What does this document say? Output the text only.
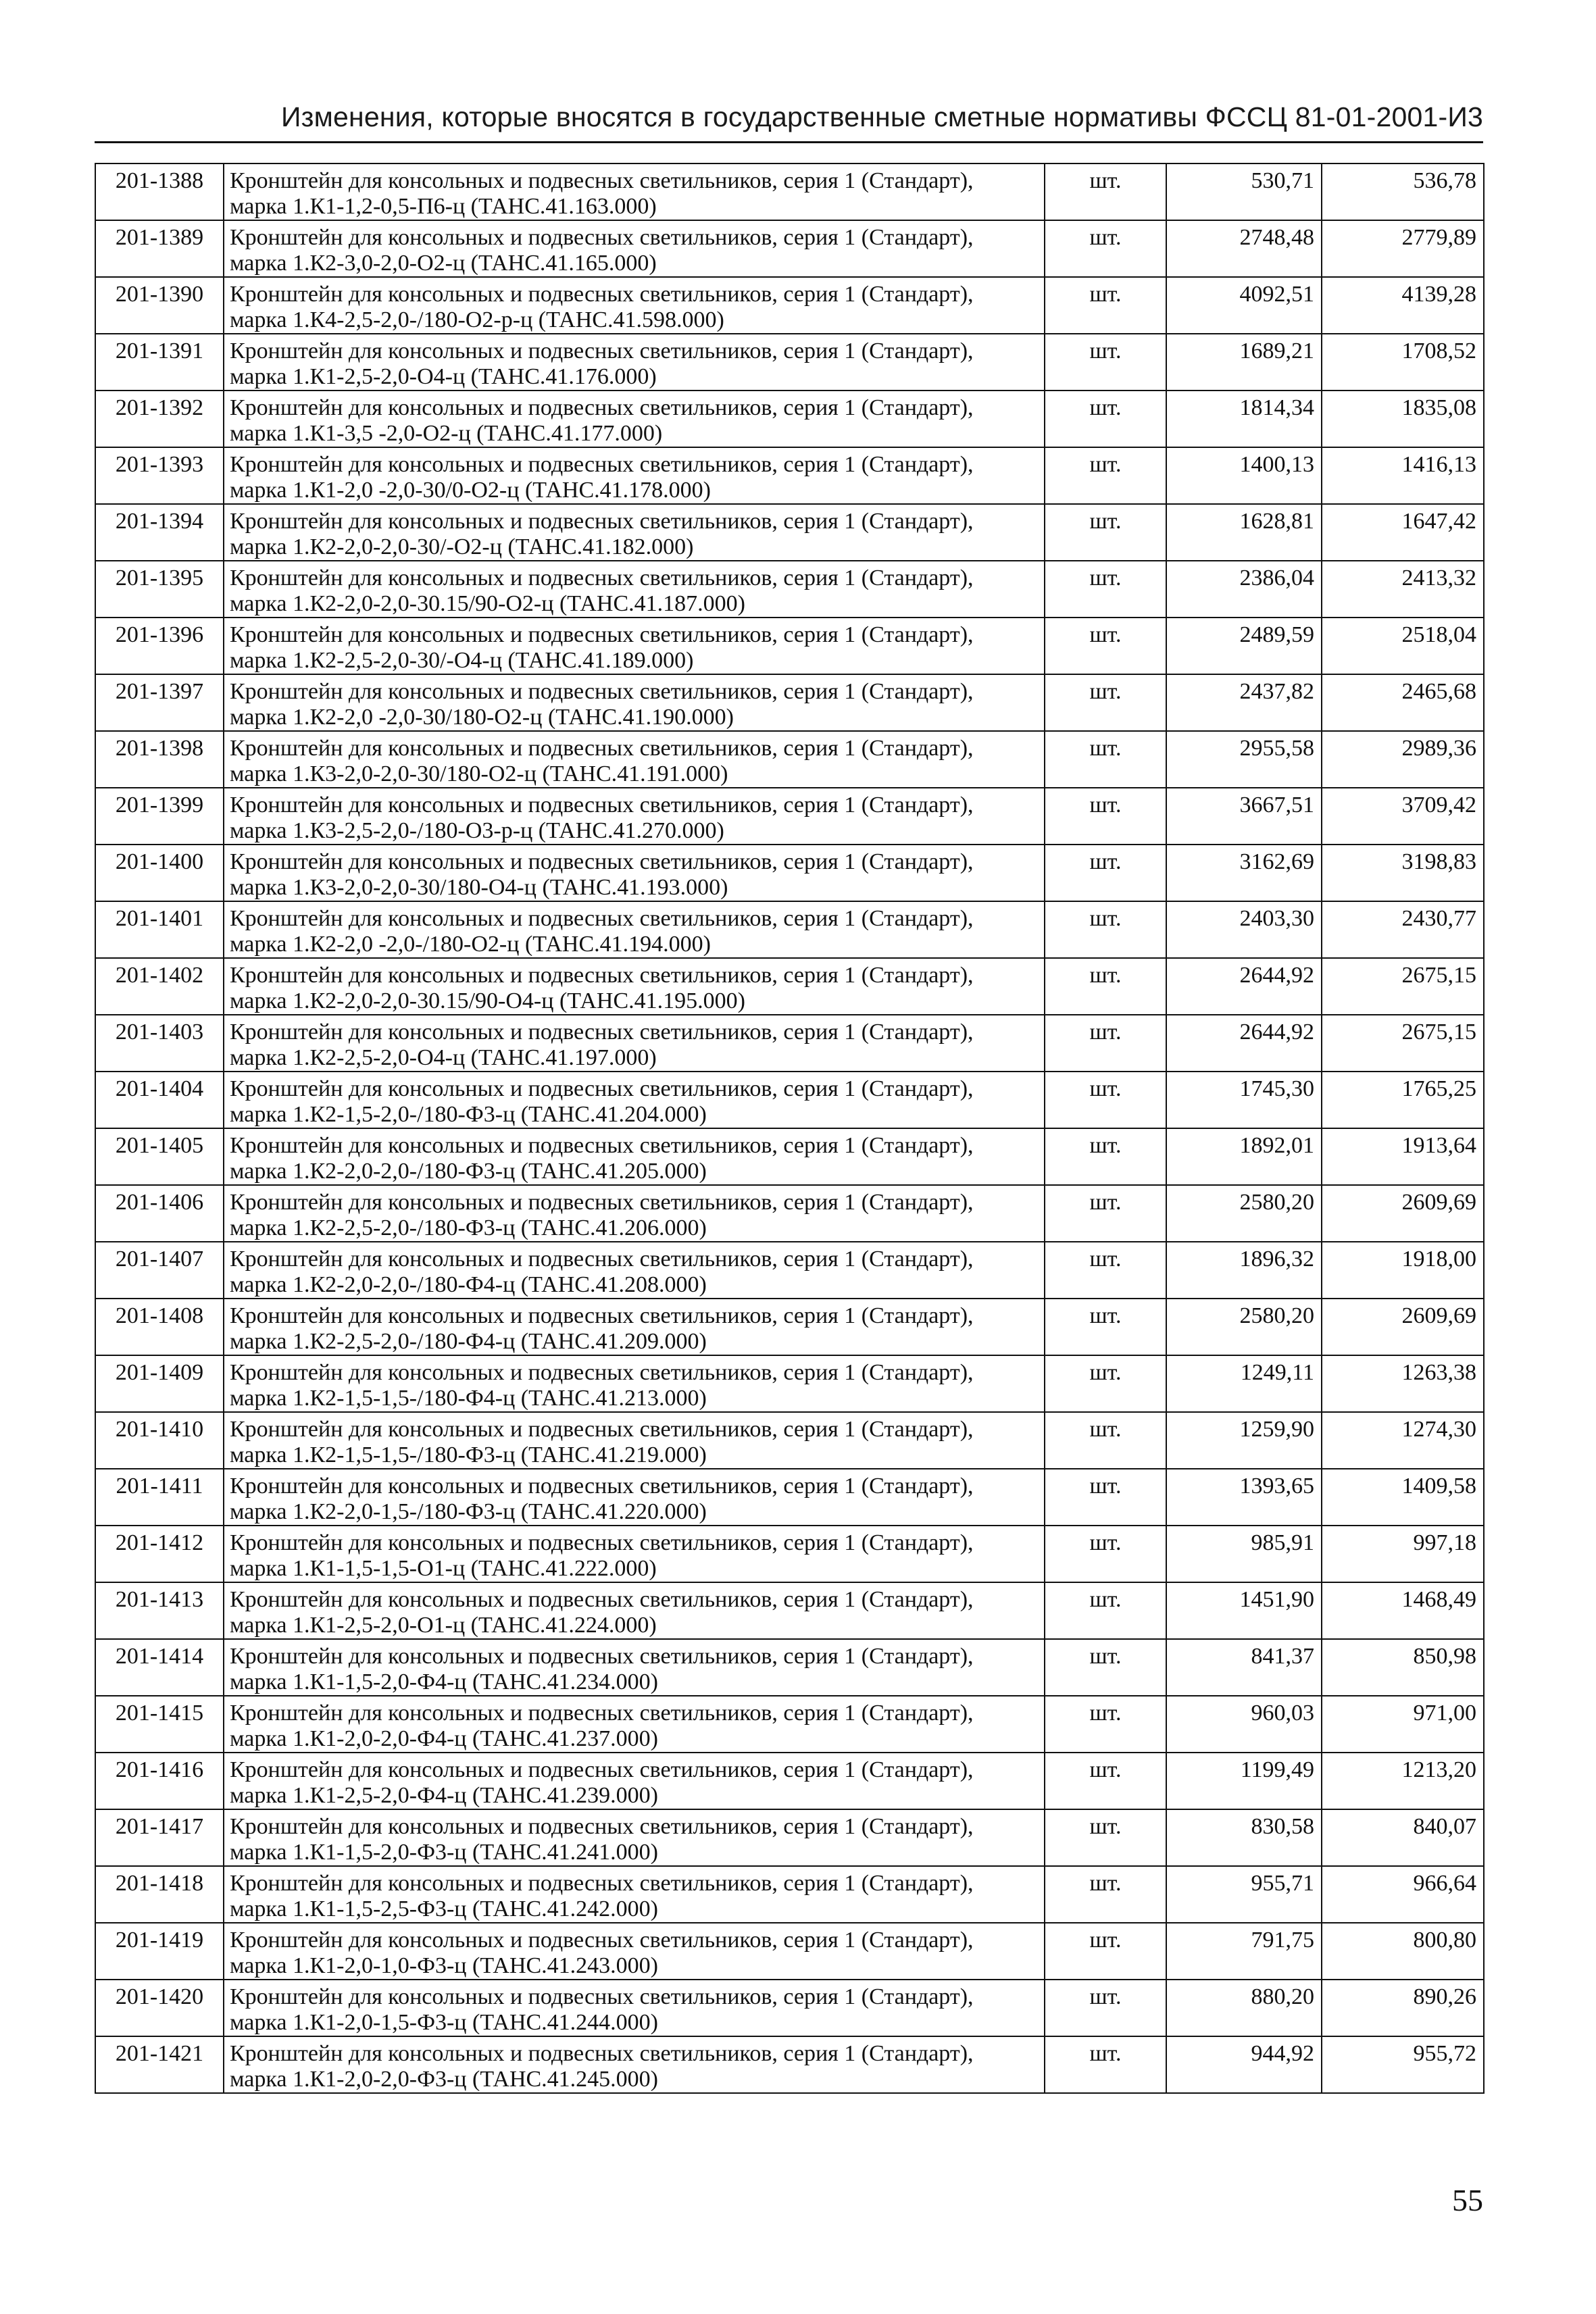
Изменения, которые вносятся в государственные сметные нормативы ФССЦ 81-01-2001-И3
201-1388	Кронштейн для консольных и подвесных светильников, серия 1 (Стандарт),
марка 1.К1-1,2-0,5-П6-ц (ТАНС.41.163.000)	шт.	530,71	536,78
201-1389	Кронштейн для консольных и подвесных светильников, серия 1 (Стандарт),
марка 1.К2-3,0-2,0-О2-ц (ТАНС.41.165.000)	шт.	2748,48	2779,89
201-1390	Кронштейн для консольных и подвесных светильников, серия 1 (Стандарт),
марка 1.К4-2,5-2,0-/180-О2-р-ц (ТАНС.41.598.000)	шт.	4092,51	4139,28
201-1391	Кронштейн для консольных и подвесных светильников, серия 1 (Стандарт),
марка 1.К1-2,5-2,0-О4-ц (ТАНС.41.176.000)	шт.	1689,21	1708,52
201-1392	Кронштейн для консольных и подвесных светильников, серия 1 (Стандарт),
марка 1.К1-3,5 -2,0-О2-ц (ТАНС.41.177.000)	шт.	1814,34	1835,08
201-1393	Кронштейн для консольных и подвесных светильников, серия 1 (Стандарт),
марка 1.К1-2,0 -2,0-30/0-О2-ц (ТАНС.41.178.000)	шт.	1400,13	1416,13
201-1394	Кронштейн для консольных и подвесных светильников, серия 1 (Стандарт),
марка 1.К2-2,0-2,0-30/-О2-ц (ТАНС.41.182.000)	шт.	1628,81	1647,42
201-1395	Кронштейн для консольных и подвесных светильников, серия 1 (Стандарт),
марка 1.К2-2,0-2,0-30.15/90-О2-ц (ТАНС.41.187.000)	шт.	2386,04	2413,32
201-1396	Кронштейн для консольных и подвесных светильников, серия 1 (Стандарт),
марка 1.К2-2,5-2,0-30/-О4-ц (ТАНС.41.189.000)	шт.	2489,59	2518,04
201-1397	Кронштейн для консольных и подвесных светильников, серия 1 (Стандарт),
марка 1.К2-2,0 -2,0-30/180-О2-ц (ТАНС.41.190.000)	шт.	2437,82	2465,68
201-1398	Кронштейн для консольных и подвесных светильников, серия 1 (Стандарт),
марка 1.К3-2,0-2,0-30/180-О2-ц (ТАНС.41.191.000)	шт.	2955,58	2989,36
201-1399	Кронштейн для консольных и подвесных светильников, серия 1 (Стандарт),
марка 1.К3-2,5-2,0-/180-О3-р-ц (ТАНС.41.270.000)	шт.	3667,51	3709,42
201-1400	Кронштейн для консольных и подвесных светильников, серия 1 (Стандарт),
марка 1.К3-2,0-2,0-30/180-О4-ц (ТАНС.41.193.000)	шт.	3162,69	3198,83
201-1401	Кронштейн для консольных и подвесных светильников, серия 1 (Стандарт),
марка 1.К2-2,0 -2,0-/180-О2-ц (ТАНС.41.194.000)	шт.	2403,30	2430,77
201-1402	Кронштейн для консольных и подвесных светильников, серия 1 (Стандарт),
марка 1.К2-2,0-2,0-30.15/90-О4-ц (ТАНС.41.195.000)	шт.	2644,92	2675,15
201-1403	Кронштейн для консольных и подвесных светильников, серия 1 (Стандарт),
марка 1.К2-2,5-2,0-О4-ц (ТАНС.41.197.000)	шт.	2644,92	2675,15
201-1404	Кронштейн для консольных и подвесных светильников, серия 1 (Стандарт),
марка 1.К2-1,5-2,0-/180-Ф3-ц (ТАНС.41.204.000)	шт.	1745,30	1765,25
201-1405	Кронштейн для консольных и подвесных светильников, серия 1 (Стандарт),
марка 1.К2-2,0-2,0-/180-Ф3-ц (ТАНС.41.205.000)	шт.	1892,01	1913,64
201-1406	Кронштейн для консольных и подвесных светильников, серия 1 (Стандарт),
марка 1.К2-2,5-2,0-/180-Ф3-ц (ТАНС.41.206.000)	шт.	2580,20	2609,69
201-1407	Кронштейн для консольных и подвесных светильников, серия 1 (Стандарт),
марка 1.К2-2,0-2,0-/180-Ф4-ц (ТАНС.41.208.000)	шт.	1896,32	1918,00
201-1408	Кронштейн для консольных и подвесных светильников, серия 1 (Стандарт),
марка 1.К2-2,5-2,0-/180-Ф4-ц (ТАНС.41.209.000)	шт.	2580,20	2609,69
201-1409	Кронштейн для консольных и подвесных светильников, серия 1 (Стандарт),
марка 1.К2-1,5-1,5-/180-Ф4-ц (ТАНС.41.213.000)	шт.	1249,11	1263,38
201-1410	Кронштейн для консольных и подвесных светильников, серия 1 (Стандарт),
марка 1.К2-1,5-1,5-/180-Ф3-ц (ТАНС.41.219.000)	шт.	1259,90	1274,30
201-1411	Кронштейн для консольных и подвесных светильников, серия 1 (Стандарт),
марка 1.К2-2,0-1,5-/180-Ф3-ц (ТАНС.41.220.000)	шт.	1393,65	1409,58
201-1412	Кронштейн для консольных и подвесных светильников, серия 1 (Стандарт),
марка 1.К1-1,5-1,5-О1-ц (ТАНС.41.222.000)	шт.	985,91	997,18
201-1413	Кронштейн для консольных и подвесных светильников, серия 1 (Стандарт),
марка 1.К1-2,5-2,0-О1-ц (ТАНС.41.224.000)	шт.	1451,90	1468,49
201-1414	Кронштейн для консольных и подвесных светильников, серия 1 (Стандарт),
марка 1.К1-1,5-2,0-Ф4-ц (ТАНС.41.234.000)	шт.	841,37	850,98
201-1415	Кронштейн для консольных и подвесных светильников, серия 1 (Стандарт),
марка 1.К1-2,0-2,0-Ф4-ц (ТАНС.41.237.000)	шт.	960,03	971,00
201-1416	Кронштейн для консольных и подвесных светильников, серия 1 (Стандарт),
марка 1.К1-2,5-2,0-Ф4-ц (ТАНС.41.239.000)	шт.	1199,49	1213,20
201-1417	Кронштейн для консольных и подвесных светильников, серия 1 (Стандарт),
марка 1.К1-1,5-2,0-Ф3-ц (ТАНС.41.241.000)	шт.	830,58	840,07
201-1418	Кронштейн для консольных и подвесных светильников, серия 1 (Стандарт),
марка 1.К1-1,5-2,5-Ф3-ц (ТАНС.41.242.000)	шт.	955,71	966,64
201-1419	Кронштейн для консольных и подвесных светильников, серия 1 (Стандарт),
марка 1.К1-2,0-1,0-Ф3-ц (ТАНС.41.243.000)	шт.	791,75	800,80
201-1420	Кронштейн для консольных и подвесных светильников, серия 1 (Стандарт),
марка 1.К1-2,0-1,5-Ф3-ц (ТАНС.41.244.000)	шт.	880,20	890,26
201-1421	Кронштейн для консольных и подвесных светильников, серия 1 (Стандарт),
марка 1.К1-2,0-2,0-Ф3-ц (ТАНС.41.245.000)	шт.	944,92	955,72
55
